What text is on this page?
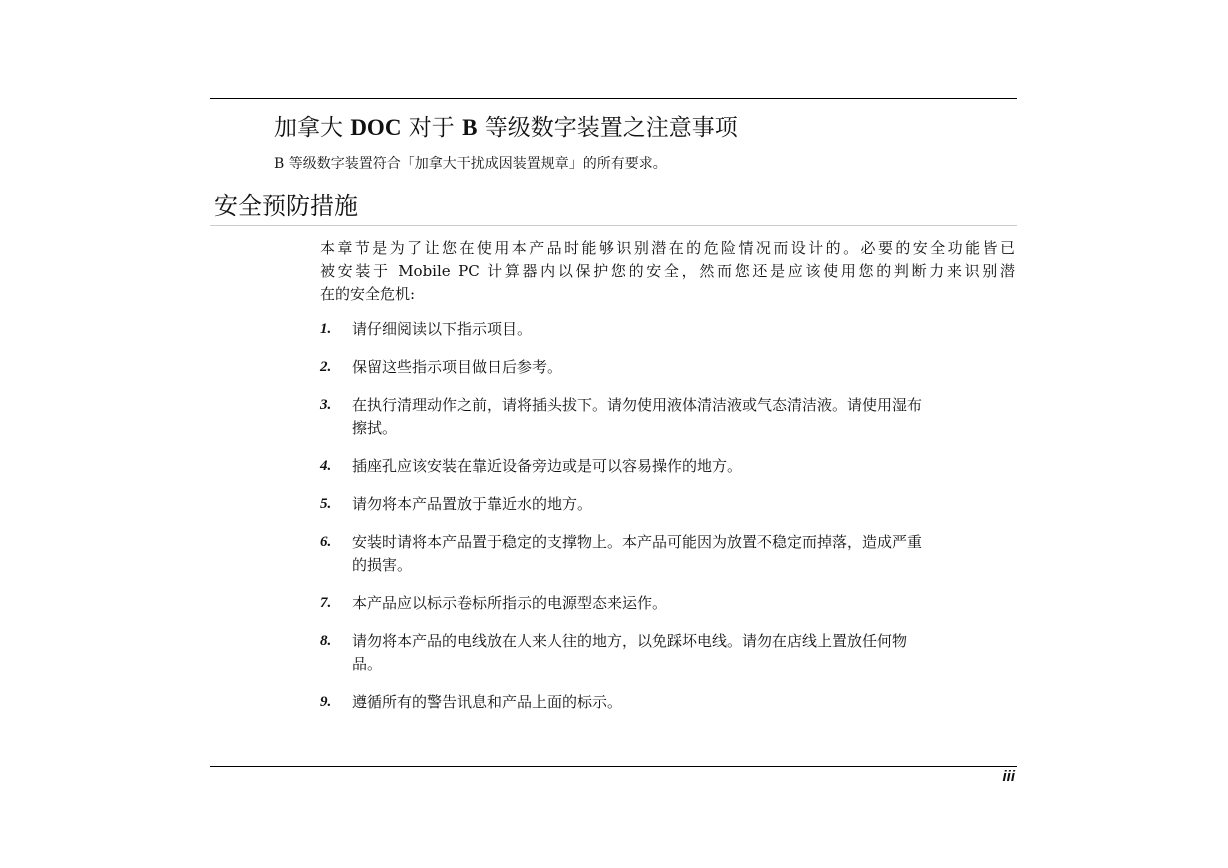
加拿大 DOC 对于 B 等级数字装置之注意事项
B 等级数字装置符合「加拿大干扰成因装置规章」的所有要求。
安全预防措施
本章节是为了让您在使用本产品时能够识别潜在的危险情况而设计的。必要的安全功能皆已
被安装于 Mobile PC 计算器内以保护您的安全，然而您还是应该使用您的判断力来识别潜
在的安全危机:
1. 请仔细阅读以下指示项目。
2. 保留这些指示项目做日后参考。
3. 在执行清理动作之前，请将插头拔下。请勿使用液体清洁液或气态清洁液。请使用湿布
擦拭。
4. 插座孔应该安装在靠近设备旁边或是可以容易操作的地方。
5. 请勿将本产品置放于靠近水的地方。
6. 安装时请将本产品置于稳定的支撑物上。本产品可能因为放置不稳定而掉落，造成严重
的损害。
7. 本产品应以标示卷标所指示的电源型态来运作。
8. 请勿将本产品的电线放在人来人往的地方，以免踩坏电线。请勿在店线上置放任何物
品。
9. 遵循所有的警告讯息和产品上面的标示。
iii
